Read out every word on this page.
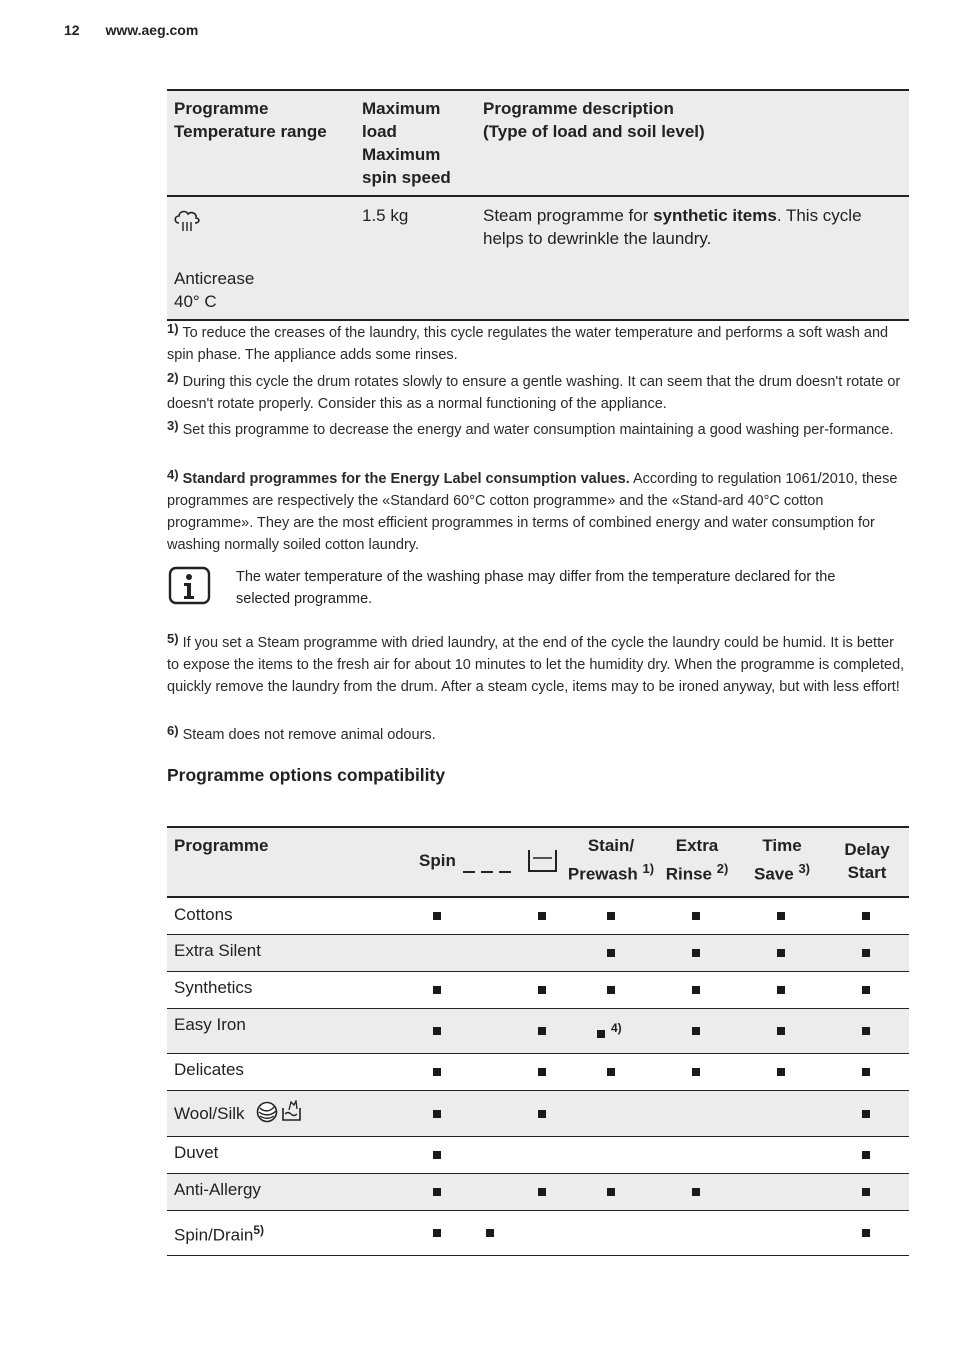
12 www.aeg.com
Programme
Temperature range
Maximum
load
Maximum
spin speed
Programme description
(Type of load and soil level)
Anticrease
40° C
1.5 kg	Steam programme for synthetic items. This cycle helps to dewrinkle the laundry.
$^{1)}$ To reduce the creases of the laundry, this cycle regulates the water temperature and performs a soft wash and spin phase. The appliance adds some rinses.
$^{2)}$ During this cycle the drum rotates slowly to ensure a gentle washing. It can seem that the drum doesn't rotate or doesn't rotate properly. Consider this as a normal functioning of the appliance.
$^{3)}$ Set this programme to decrease the energy and water consumption maintaining a good washing per-formance.
$^{4)}$ Standard programmes for the Energy Label consumption values. According to regulation 1061/2010, these programmes are respectively the «Standard 60°C cotton programme» and the «Stand-ard 40°C cotton programme». They are the most efficient programmes in terms of combined energy and water consumption for washing normally soiled cotton laundry.
The water temperature of the washing phase may differ from the temperature declared for the selected programme.
$^{5)}$ If you set a Steam programme with dried laundry, at the end of the cycle the laundry could be humid. It is better to expose the items to the fresh air for about 10 minutes to let the humidity dry. When the programme is completed, quickly remove the laundry from the drum. After a steam cycle, items may to be ironed anyway, but with less effort!
$^{6)}$ Steam does not remove animal odours.
Programme options compatibility
Programme
Spin
Stain/
Prewash $^{1)}$
Extra
Rinse $^{2)}$
Time
Save $^{3)}$
Delay
Start
Cottons
Extra Silent
Synthetics
Easy Iron	4)
Delicates
Wool/Silk
Duvet
Anti-Allergy
Spin/Drain$^{5)}$
